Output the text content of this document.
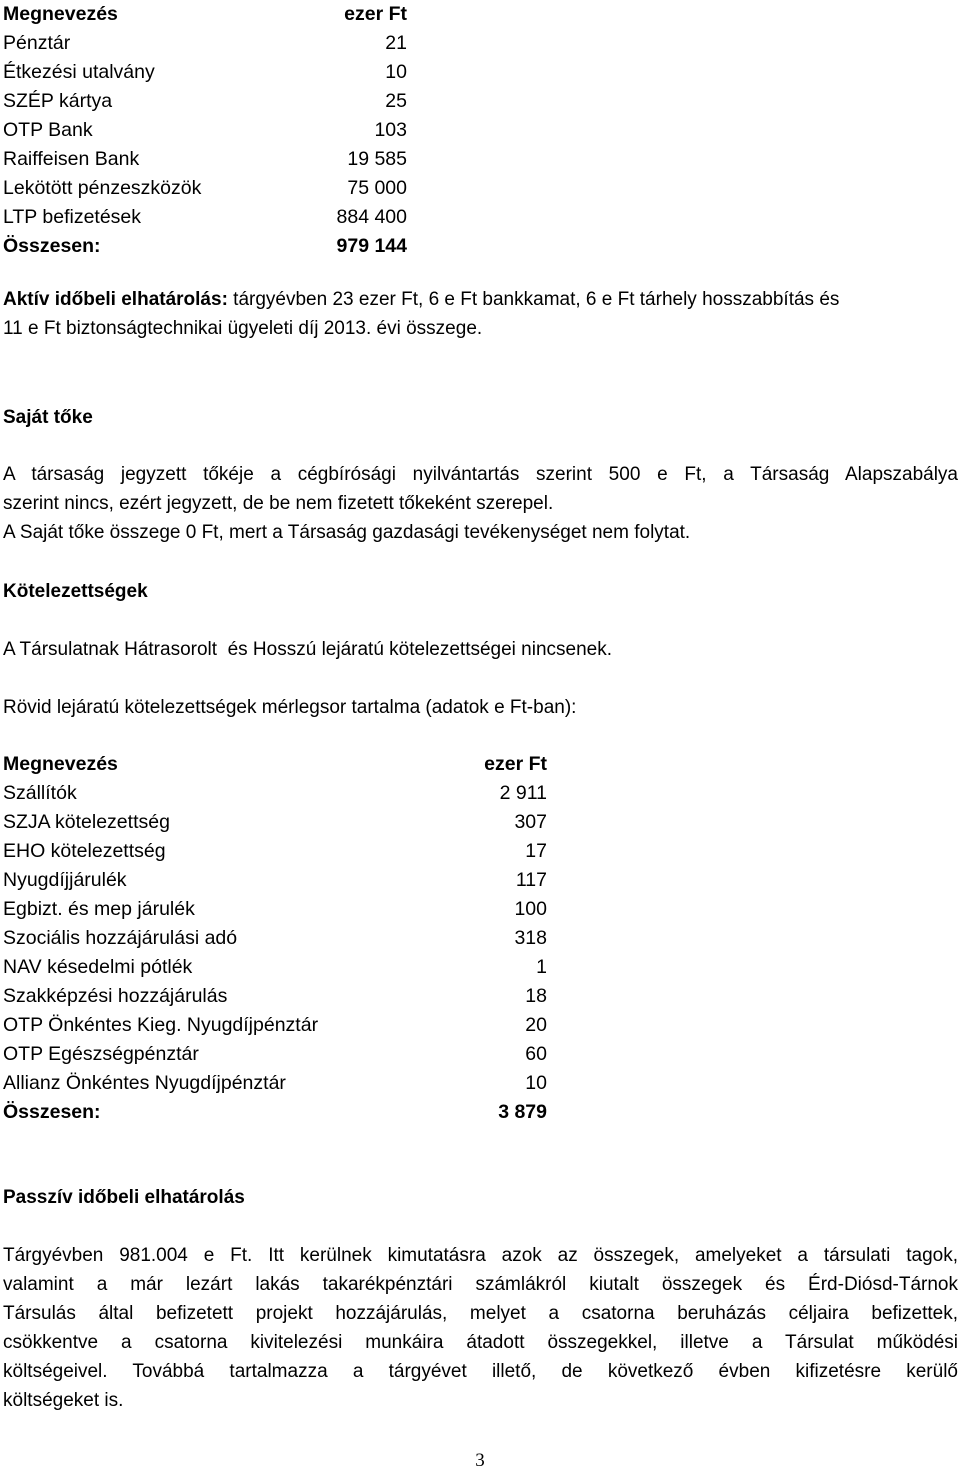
Megnevezés	ezer Ft
Pénztár	21
Étkezési utalvány	10
SZÉP kártya	25
OTP Bank	103
Raiffeisen Bank	19 585
Lekötött pénzeszközök	75 000
LTP befizetések	884 400
Összesen:	979 144
Aktív időbeli elhatárolás: tárgyévben 23 ezer Ft, 6 e Ft bankkamat, 6 e Ft tárhely hosszabbítás és
11 e Ft biztonságtechnikai ügyeleti díj 2013. évi összege.
Saját tőke
A társaság jegyzett tőkéje a cégbírósági nyilvántartás szerint 500 e Ft, a Társaság Alapszabálya
szerint nincs, ezért jegyzett, de be nem fizetett tőkeként szerepel.
A Saját tőke összege 0 Ft, mert a Társaság gazdasági tevékenységet nem folytat.
Kötelezettségek
A Társulatnak Hátrasorolt  és Hosszú lejáratú kötelezettségei nincsenek.
Rövid lejáratú kötelezettségek mérlegsor tartalma (adatok e Ft-ban):
Megnevezés	ezer Ft
Szállítók	2 911
SZJA kötelezettség	307
EHO kötelezettség	17
Nyugdíjjárulék	117
Egbizt. és mep járulék	100
Szociális hozzájárulási adó	318
NAV késedelmi pótlék	1
Szakképzési hozzájárulás	18
OTP Önkéntes Kieg. Nyugdíjpénztár	20
OTP Egészségpénztár	60
Allianz Önkéntes Nyugdíjpénztár	10
Összesen:	3 879
Passzív időbeli elhatárolás
Tárgyévben 981.004 e Ft. Itt kerülnek kimutatásra azok az összegek, amelyeket a társulati tagok,
valamint a már lezárt lakás takarékpénztári számlákról kiutalt összegek és Érd-Diósd-Tárnok
Társulás által befizetett projekt hozzájárulás, melyet a csatorna beruházás céljaira befizettek,
csökkentve a csatorna kivitelezési munkáira átadott összegekkel, illetve a Társulat működési
költségeivel. Továbbá tartalmazza a tárgyévet illető, de következő évben kifizetésre kerülő
költségeket is.
3
